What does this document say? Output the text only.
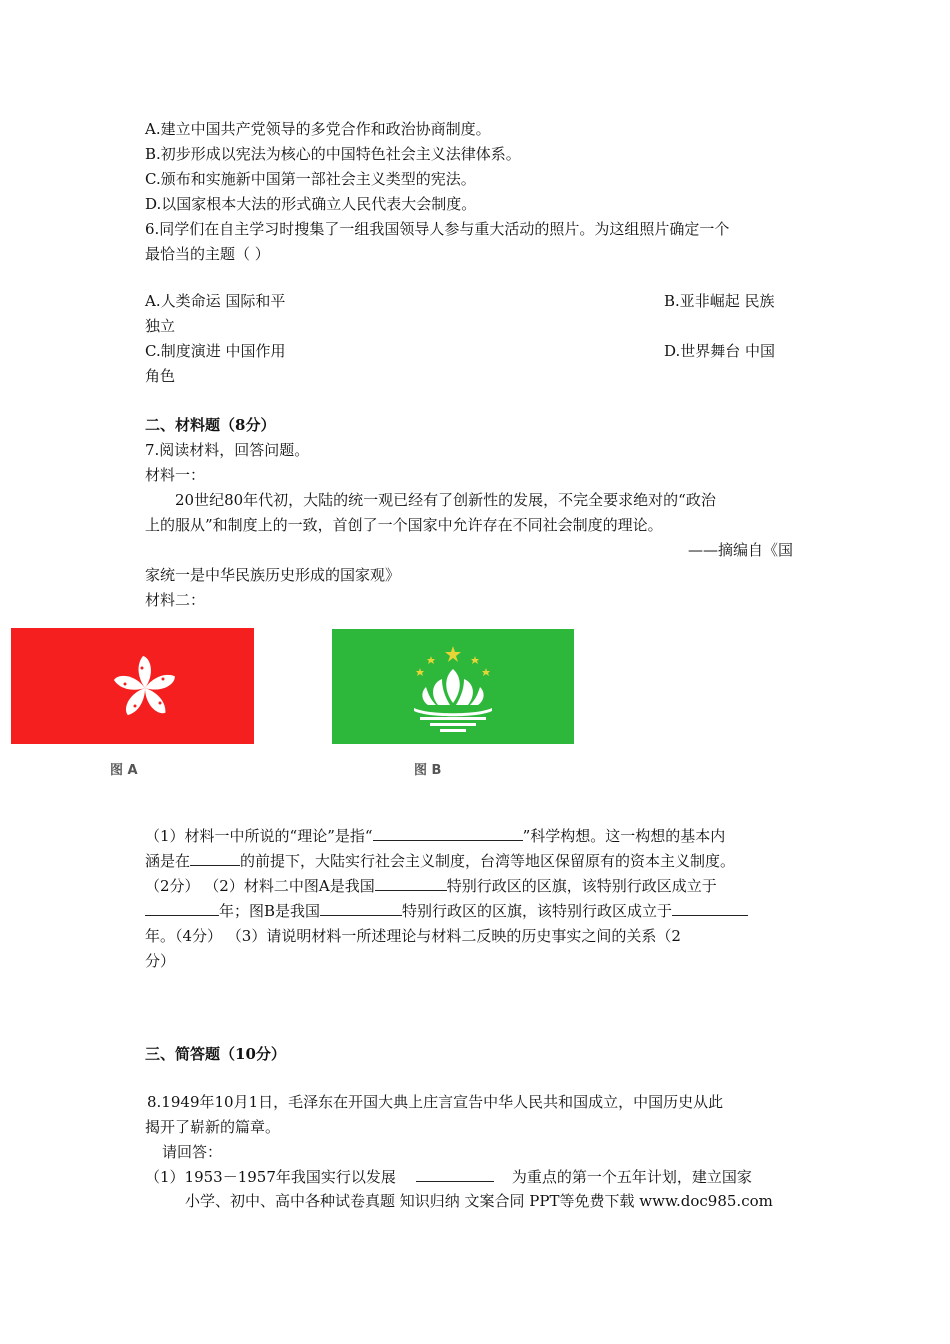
A.建立中国共产党领导的多党合作和政治协商制度。
B.初步形成以宪法为核心的中国特色社会主义法律体系。
C.颁布和实施新中国第一部社会主义类型的宪法。
D.以国家根本大法的形式确立人民代表大会制度。
6.同学们在自主学习时搜集了一组我国领导人参与重大活动的照片。为这组照片确定一个
最恰当的主题（ ）
A.人类命运 国际和平	B.亚非崛起 民族
独立
C.制度演进 中国作用	D.世界舞台 中国
角色
二、材料题（8分）
7.阅读材料，回答问题。
材料一：
20世纪80年代初，大陆的统一观已经有了创新性的发展，不完全要求绝对的“政治
上的服从”和制度上的一致，首创了一个国家中允许存在不同社会制度的理论。
——摘编自《国
家统一是中华民族历史形成的国家观》
材料二：
图 A	图 B
（1）材料一中所说的“理论”是指“	”科学构想。这一构想的基本内
涵是在	的前提下，大陆实行社会主义制度，台湾等地区保留原有的资本主义制度。
（2分） （2）材料二中图A是我国	特别行政区的区旗，该特别行政区成立于
年；图B是我国	特别行政区的区旗，该特别行政区成立于
年。（4分） （3）请说明材料一所述理论与材料二反映的历史事实之间的关系（2
分）
三、简答题（10分）
8.1949年10月1日，毛泽东在开国大典上庄言宣告中华人民共和国成立，中国历史从此
揭开了崭新的篇章。
请回答：
（1）1953－1957年我国实行以发展	为重点的第一个五年计划，建立国家
小学、初中、高中各种试卷真题 知识归纳 文案合同 PPT等免费下载 www.doc985.com
